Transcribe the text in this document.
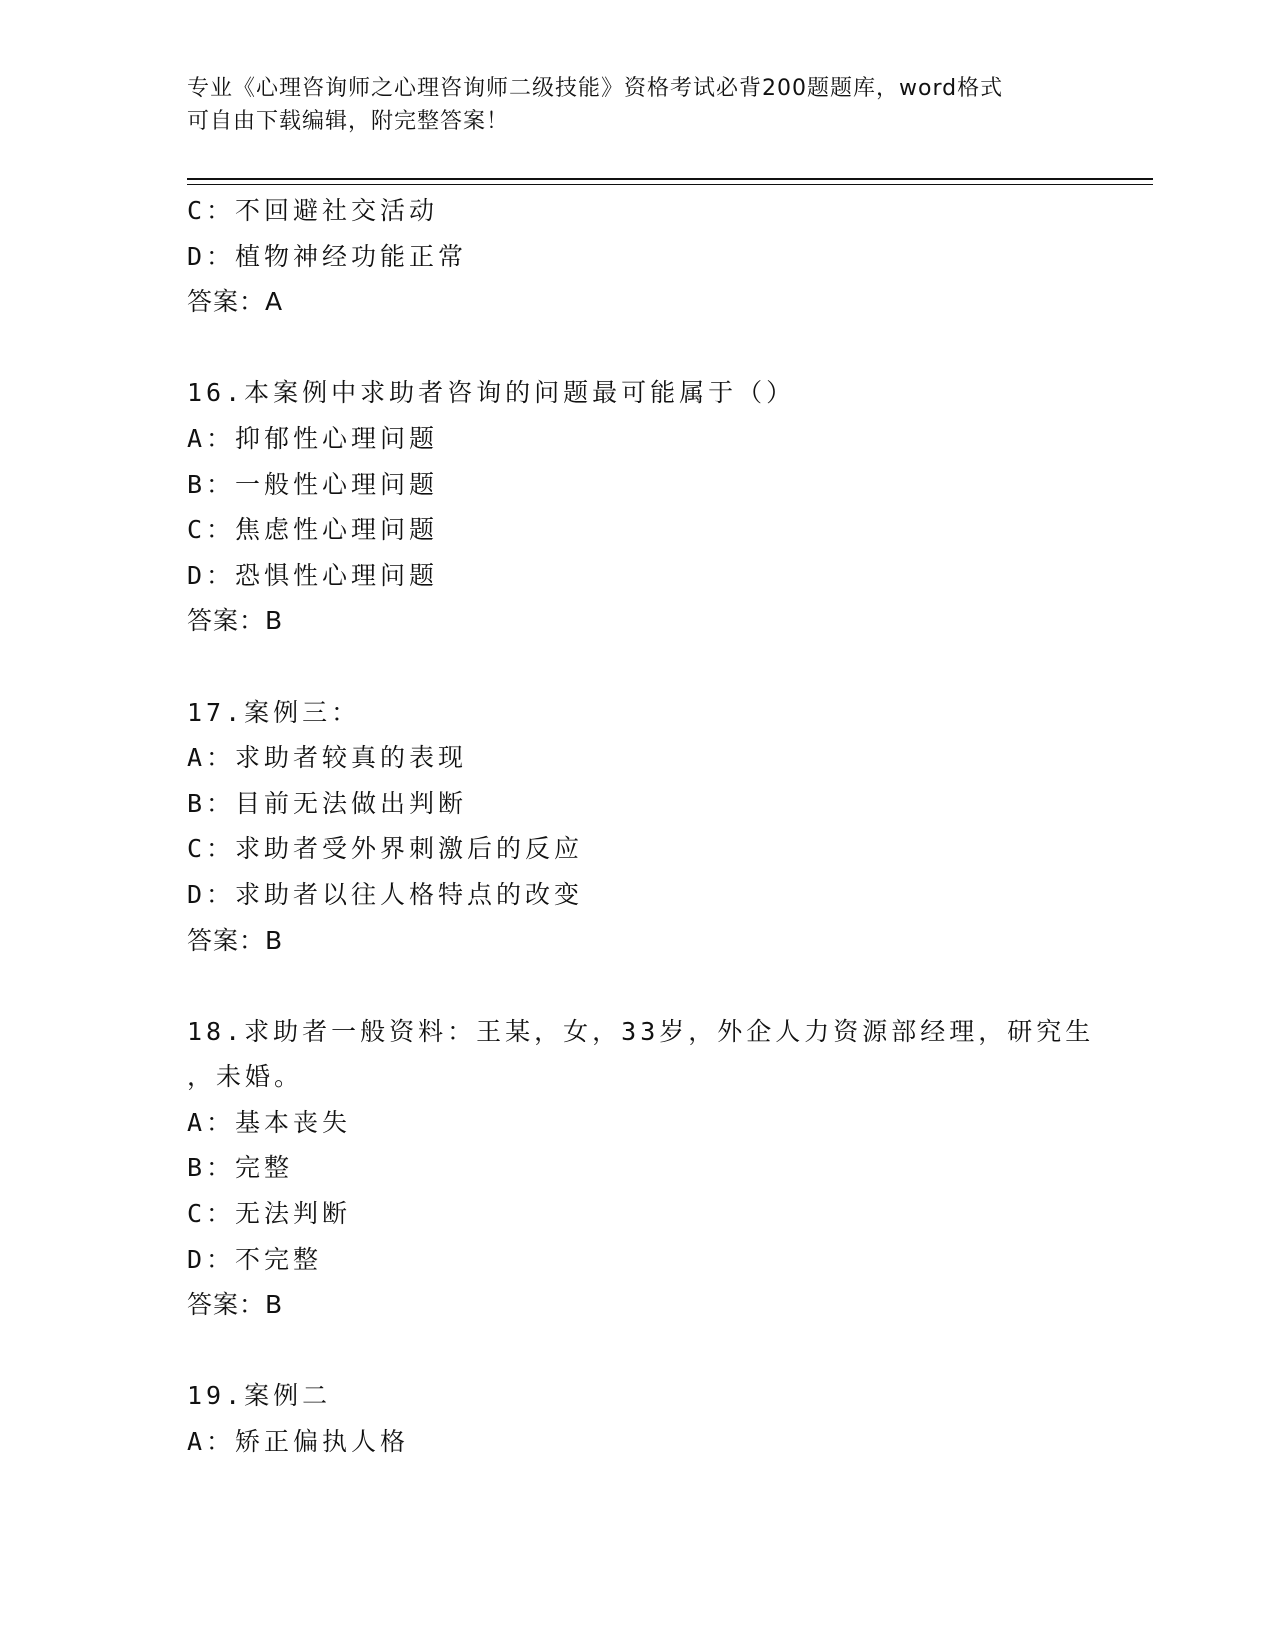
专业《心理咨询师之心理咨询师二级技能》资格考试必背200题题库，word格式
可自由下载编辑，附完整答案！
C：不回避社交活动
D：植物神经功能正常
答案：A
16.本案例中求助者咨询的问题最可能属于（）
A：抑郁性心理问题
B：一般性心理问题
C：焦虑性心理问题
D：恐惧性心理问题
答案：B
17.案例三：
A：求助者较真的表现
B：目前无法做出判断
C：求助者受外界刺激后的反应
D：求助者以往人格特点的改变
答案：B
18.求助者一般资料：王某，女，33岁，外企人力资源部经理，研究生
，未婚。
A：基本丧失
B：完整
C：无法判断
D：不完整
答案：B
19.案例二
A：矫正偏执人格
